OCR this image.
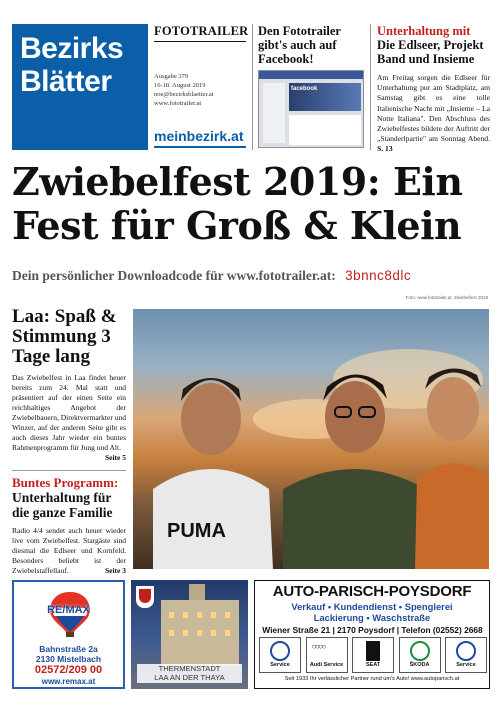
Bezirks
Blätter
FOTOTRAILER
Ausgabe 379
16-18. August 2019
noe@bezirksblaetter.at
www.fototrailer.at
meinbezirk.at
Den Fototrailer
gibt's auch auf Facebook!
facebook
Unterhaltung mit
Die Edlseer, Projekt Band und Insieme

Am Freitag sorgen die Edlseer für Unterhaltung pur am Stadtplatz, am Samstag gibt es eine tolle Italienische Nacht mit „Insieme – La Notte Italiana". Den Abschluss des Zwiebelfestes bildete der Auftritt der „Standerlpartie" am Sonntag Abend. S. 13

Zwiebelfest 2019: Ein Fest für Groß & Klein
Dein persönlicher Downloadcode für www.fototrailer.at: 3bnnc8dlc
Foto: www.fototrailer.at, Zwiebelfest 2019
Laa: Spaß & Stimmung 3 Tage lang

Das Zwiebelfest in Laa findet heuer bereits zum 24. Mal statt und präsentiert auf der einen Seite ein reichhaltiges Angebot der Zwiebelbauern, Direktvermarkter und Winzer, auf der anderen Seite gibt es auch dieses Jahr wieder ein buntes Rahmenprogramm für Jung und Alt.
Seite 5

Buntes Programm:
Unterhaltung für die ganze Familie

Radio 4/4 sendet auch heuer wieder live vom Zwiebelfest. Stargäste sind diesmal die Edlseer und Kornfeld. Besonders beliebt ist der Zwiebelstaffellauf.	Seite 3

PUMA
RE/MAX
Bahnstraße 2a
2130 Mistelbach
02572/209 00
www.remax.at
THERMENSTADT
LAA AN DER THAYA
AUTO-PARISCH-POYSDORF
Verkauf • Kundendienst • Spenglerei
Lackierung • Waschstraße
Wiener Straße 21 | 2170 Poysdorf | Telefon (02552) 2668
Service
○○○○	Audi Service	SEAT	ŠKODA	Service
Seit 1933 Ihr verlässlicher Partner rund um's Auto! www.autoparisch.at
